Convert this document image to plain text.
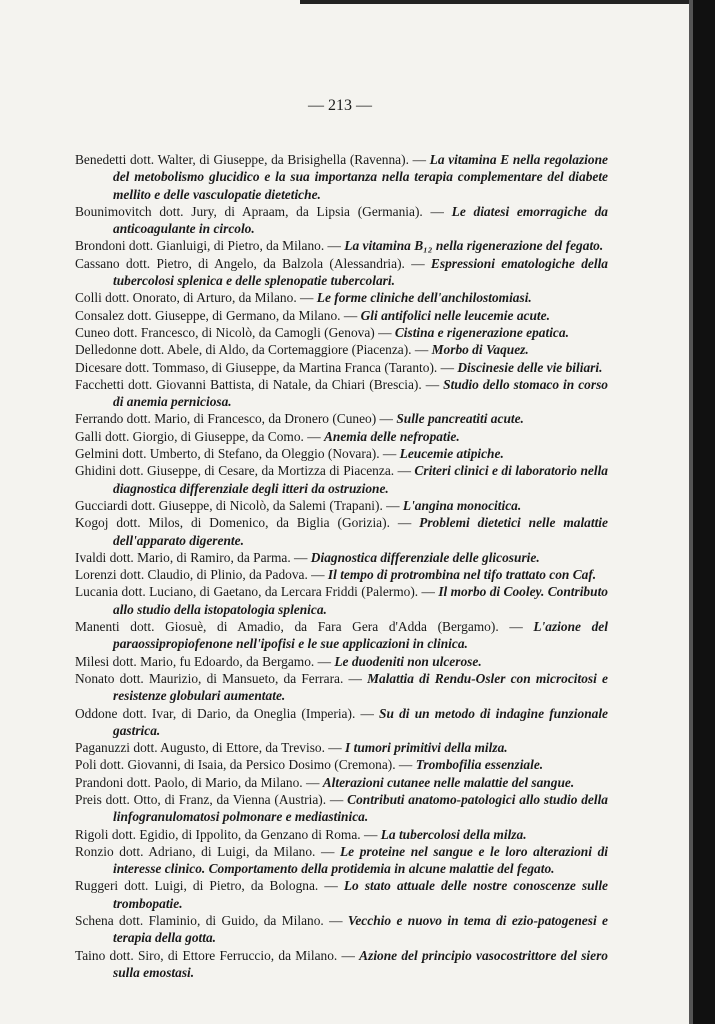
— 213 —

Benedetti dott. Walter, di Giuseppe, da Brisighella (Ravenna). — La vitamina E nella regolazione del metobolismo glucidico e la sua importanza nella terapia complementare del diabete mellito e delle vasculopatie dietetiche.

Bounimovitch dott. Jury, di Apraam, da Lipsia (Germania). — Le diatesi emorragiche da anticoagulante in circolo.

Brondoni dott. Gianluigi, di Pietro, da Milano. — La vitamina B₁₂ nella rigenerazione del fegato.

Cassano dott. Pietro, di Angelo, da Balzola (Alessandria). — Espressioni ematologiche della tubercolosi splenica e delle splenopatie tubercolari.

Colli dott. Onorato, di Arturo, da Milano. — Le forme cliniche dell'anchilostomiasi.

Consalez dott. Giuseppe, di Germano, da Milano. — Gli antifolici nelle leucemie acute.

Cuneo dott. Francesco, di Nicolò, da Camogli (Genova) — Cistina e rigenerazione epatica.

Delledonne dott. Abele, di Aldo, da Cortemaggiore (Piacenza). — Morbo di Vaquez.

Dicesare dott. Tommaso, di Giuseppe, da Martina Franca (Taranto). — Discinesie delle vie biliari.

Facchetti dott. Giovanni Battista, di Natale, da Chiari (Brescia). — Studio dello stomaco in corso di anemia perniciosa.

Ferrando dott. Mario, di Francesco, da Dronero (Cuneo) — Sulle pancreatiti acute.

Galli dott. Giorgio, di Giuseppe, da Como. — Anemia delle nefropatie.

Gelmini dott. Umberto, di Stefano, da Oleggio (Novara). — Leucemie atipiche.

Ghidini dott. Giuseppe, di Cesare, da Mortizza di Piacenza. — Criteri clinici e di laboratorio nella diagnostica differenziale degli itteri da ostruzione.

Gucciardi dott. Giuseppe, di Nicolò, da Salemi (Trapani). — L'angina monocitica.

Kogoj dott. Milos, di Domenico, da Biglia (Gorizia). — Problemi dietetici nelle malattie dell'apparato digerente.

Ivaldi dott. Mario, di Ramiro, da Parma. — Diagnostica differenziale delle glicosurie.

Lorenzi dott. Claudio, di Plinio, da Padova. — Il tempo di protrombina nel tifo trattato con Caf.

Lucania dott. Luciano, di Gaetano, da Lercara Friddi (Palermo). — Il morbo di Cooley. Contributo allo studio della istopatologia splenica.

Manenti dott. Giosuè, di Amadio, da Fara Gera d'Adda (Bergamo). — L'azione del paraossipropiofenone nell'ipofisi e le sue applicazioni in clinica.

Milesi dott. Mario, fu Edoardo, da Bergamo. — Le duodeniti non ulcerose.

Nonato dott. Maurizio, di Mansueto, da Ferrara. — Malattia di Rendu-Osler con microcitosi e resistenze globulari aumentate.

Oddone dott. Ivar, di Dario, da Oneglia (Imperia). — Su di un metodo di indagine funzionale gastrica.

Paganuzzi dott. Augusto, di Ettore, da Treviso. — I tumori primitivi della milza.

Poli dott. Giovanni, di Isaia, da Persico Dosimo (Cremona). — Trombofilia essenziale.

Prandoni dott. Paolo, di Mario, da Milano. — Alterazioni cutanee nelle malattie del sangue.

Preis dott. Otto, di Franz, da Vienna (Austria). — Contributi anatomo-patologici allo studio della linfogranulomatosi polmonare e mediastinica.

Rigoli dott. Egidio, di Ippolito, da Genzano di Roma. — La tubercolosi della milza.

Ronzio dott. Adriano, di Luigi, da Milano. — Le proteine nel sangue e le loro alterazioni di interesse clinico. Comportamento della protidemia in alcune malattie del fegato.

Ruggeri dott. Luigi, di Pietro, da Bologna. — Lo stato attuale delle nostre conoscenze sulle trombopatie.

Schena dott. Flaminio, di Guido, da Milano. — Vecchio e nuovo in tema di ezio-patogenesi e terapia della gotta.

Taino dott. Siro, di Ettore Ferruccio, da Milano. — Azione del principio vasocostrittore del siero sulla emostasi.
